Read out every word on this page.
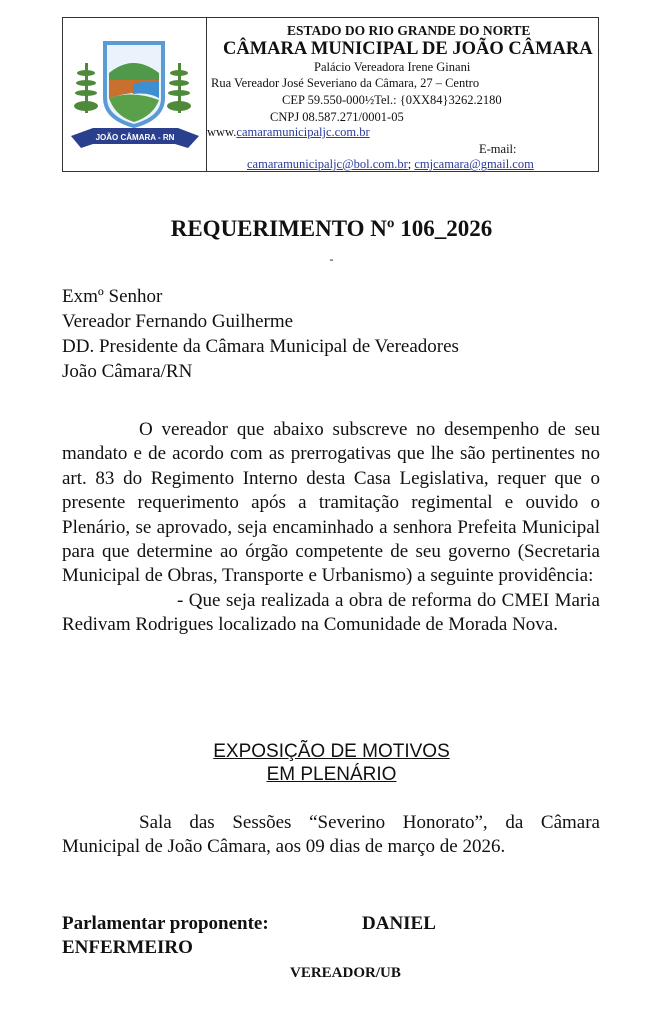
JOÃO CÂMARA - RN
ESTADO DO RIO GRANDE DO NORTE
CÂMARA MUNICIPAL DE JOÃO CÂMARA
Palácio Vereadora Irene Ginani
Rua Vereador José Severiano da Câmara, 27 – Centro
CEP 59.550-000½Tel.: {0XX84}3262.2180
CNPJ 08.587.271/0001-05
www.camaramunicipaljc.com.br
E-mail:
camaramunicipaljc@bol.com.br; cmjcamara@gmail.com
REQUERIMENTO Nº 106_2026
-
Exmº Senhor
Vereador Fernando Guilherme
DD. Presidente da Câmara Municipal de Vereadores
João Câmara/RN

O vereador que abaixo subscreve no desempenho de seu mandato e de acordo com as prerrogativas que lhe são pertinentes no art. 83 do Regimento Interno desta Casa Legislativa, requer que o presente requerimento após a tramitação regimental e ouvido o Plenário, se aprovado, seja encaminhado a senhora Prefeita Municipal para que determine ao órgão competente de seu governo (Secretaria Municipal de Obras, Transporte e Urbanismo) a seguinte providência:

- Que seja realizada a obra de reforma do CMEI Maria Redivam Rodrigues localizado na Comunidade de Morada Nova.

EXPOSIÇÃO DE MOTIVOS
EM PLENÁRIO

Sala das Sessões “Severino Honorato”, da Câmara Municipal de João Câmara, aos 09 dias de março de 2026.

Parlamentar proponente:	DANIEL
ENFERMEIRO
VEREADOR/UB
